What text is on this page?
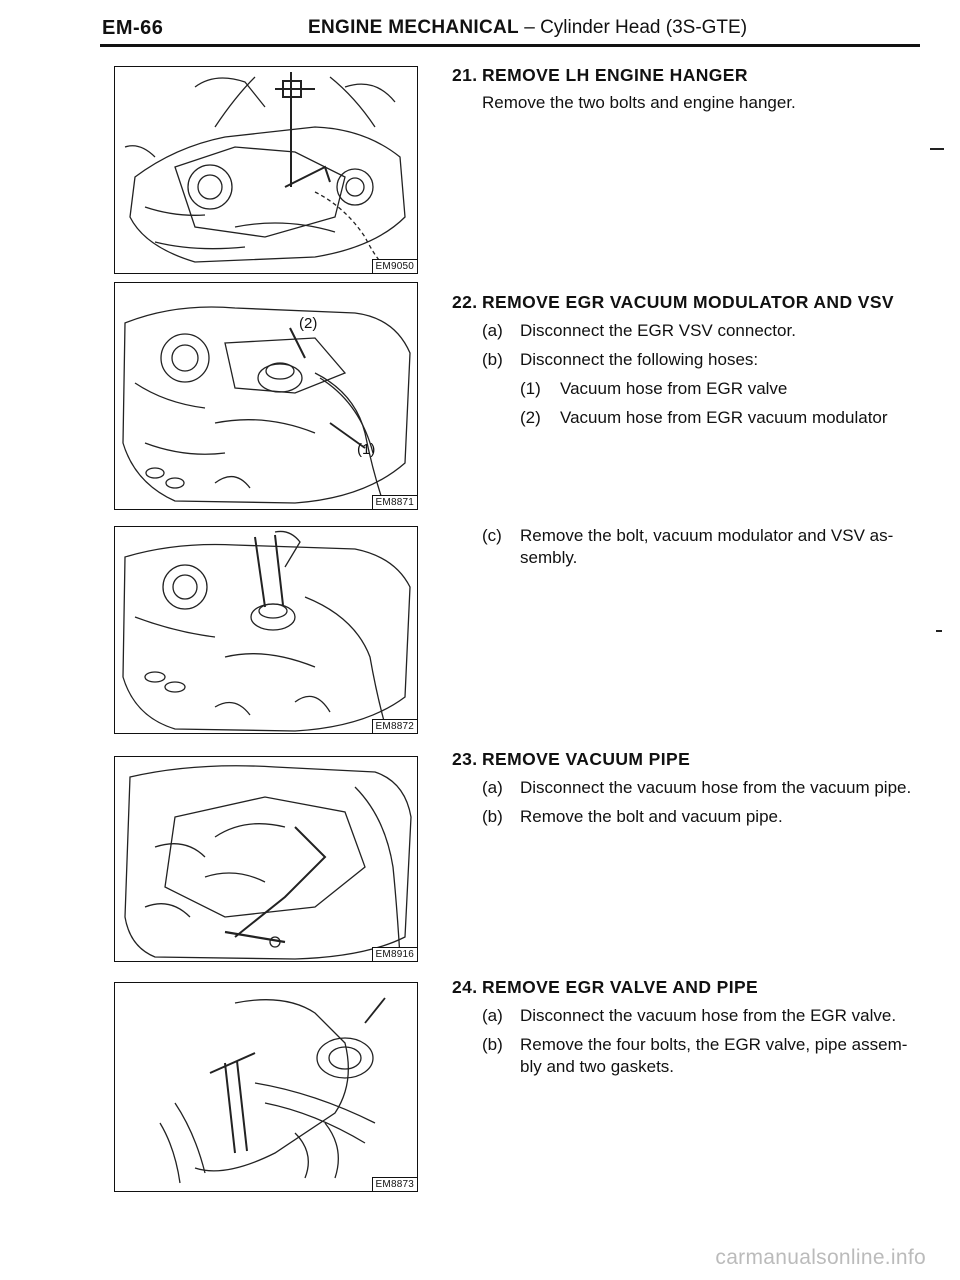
EM-66	ENGINE MECHANICAL – Cylinder Head (3S-GTE)
EM9050
(2)
(1)
EM8871
EM8872
EM8916
EM8873
21. REMOVE LH ENGINE HANGER
Remove the two bolts and engine hanger.
22. REMOVE EGR VACUUM MODULATOR AND VSV
(a)	Disconnect the EGR VSV connector.
(b)	Disconnect the following hoses:
(1)	Vacuum hose from EGR valve
(2)	Vacuum hose from EGR vacuum modulator
(c)	Remove the bolt, vacuum modulator and VSV as-
sembly.
23. REMOVE VACUUM PIPE
(a)	Disconnect the vacuum hose from the vacuum pipe.
(b)	Remove the bolt and vacuum pipe.
24. REMOVE EGR VALVE AND PIPE
(a)	Disconnect the vacuum hose from the EGR valve.
(b)	Remove the four bolts, the EGR valve, pipe assem-
bly and two gaskets.
carmanualsonline.info
